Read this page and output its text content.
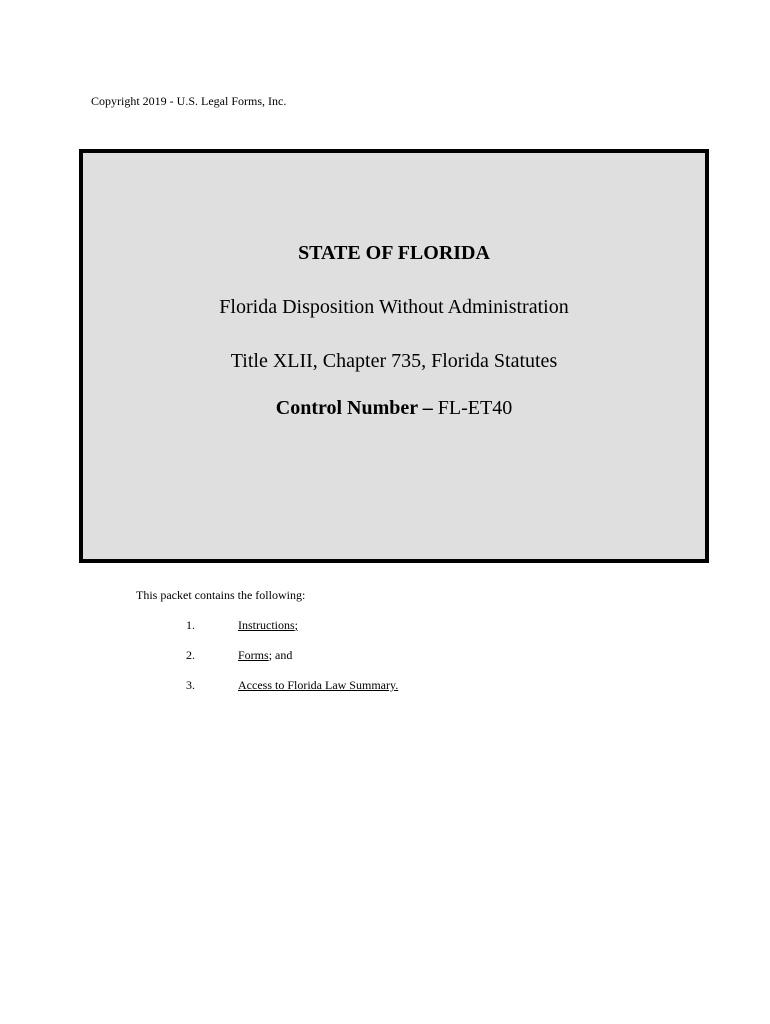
Copyright 2019 - U.S. Legal Forms, Inc.
STATE OF FLORIDA
Florida Disposition Without Administration
Title XLII, Chapter 735, Florida Statutes
Control Number – FL-ET40
This packet contains the following:
1.	Instructions;
2.	Forms; and
3.	Access to Florida Law Summary.
